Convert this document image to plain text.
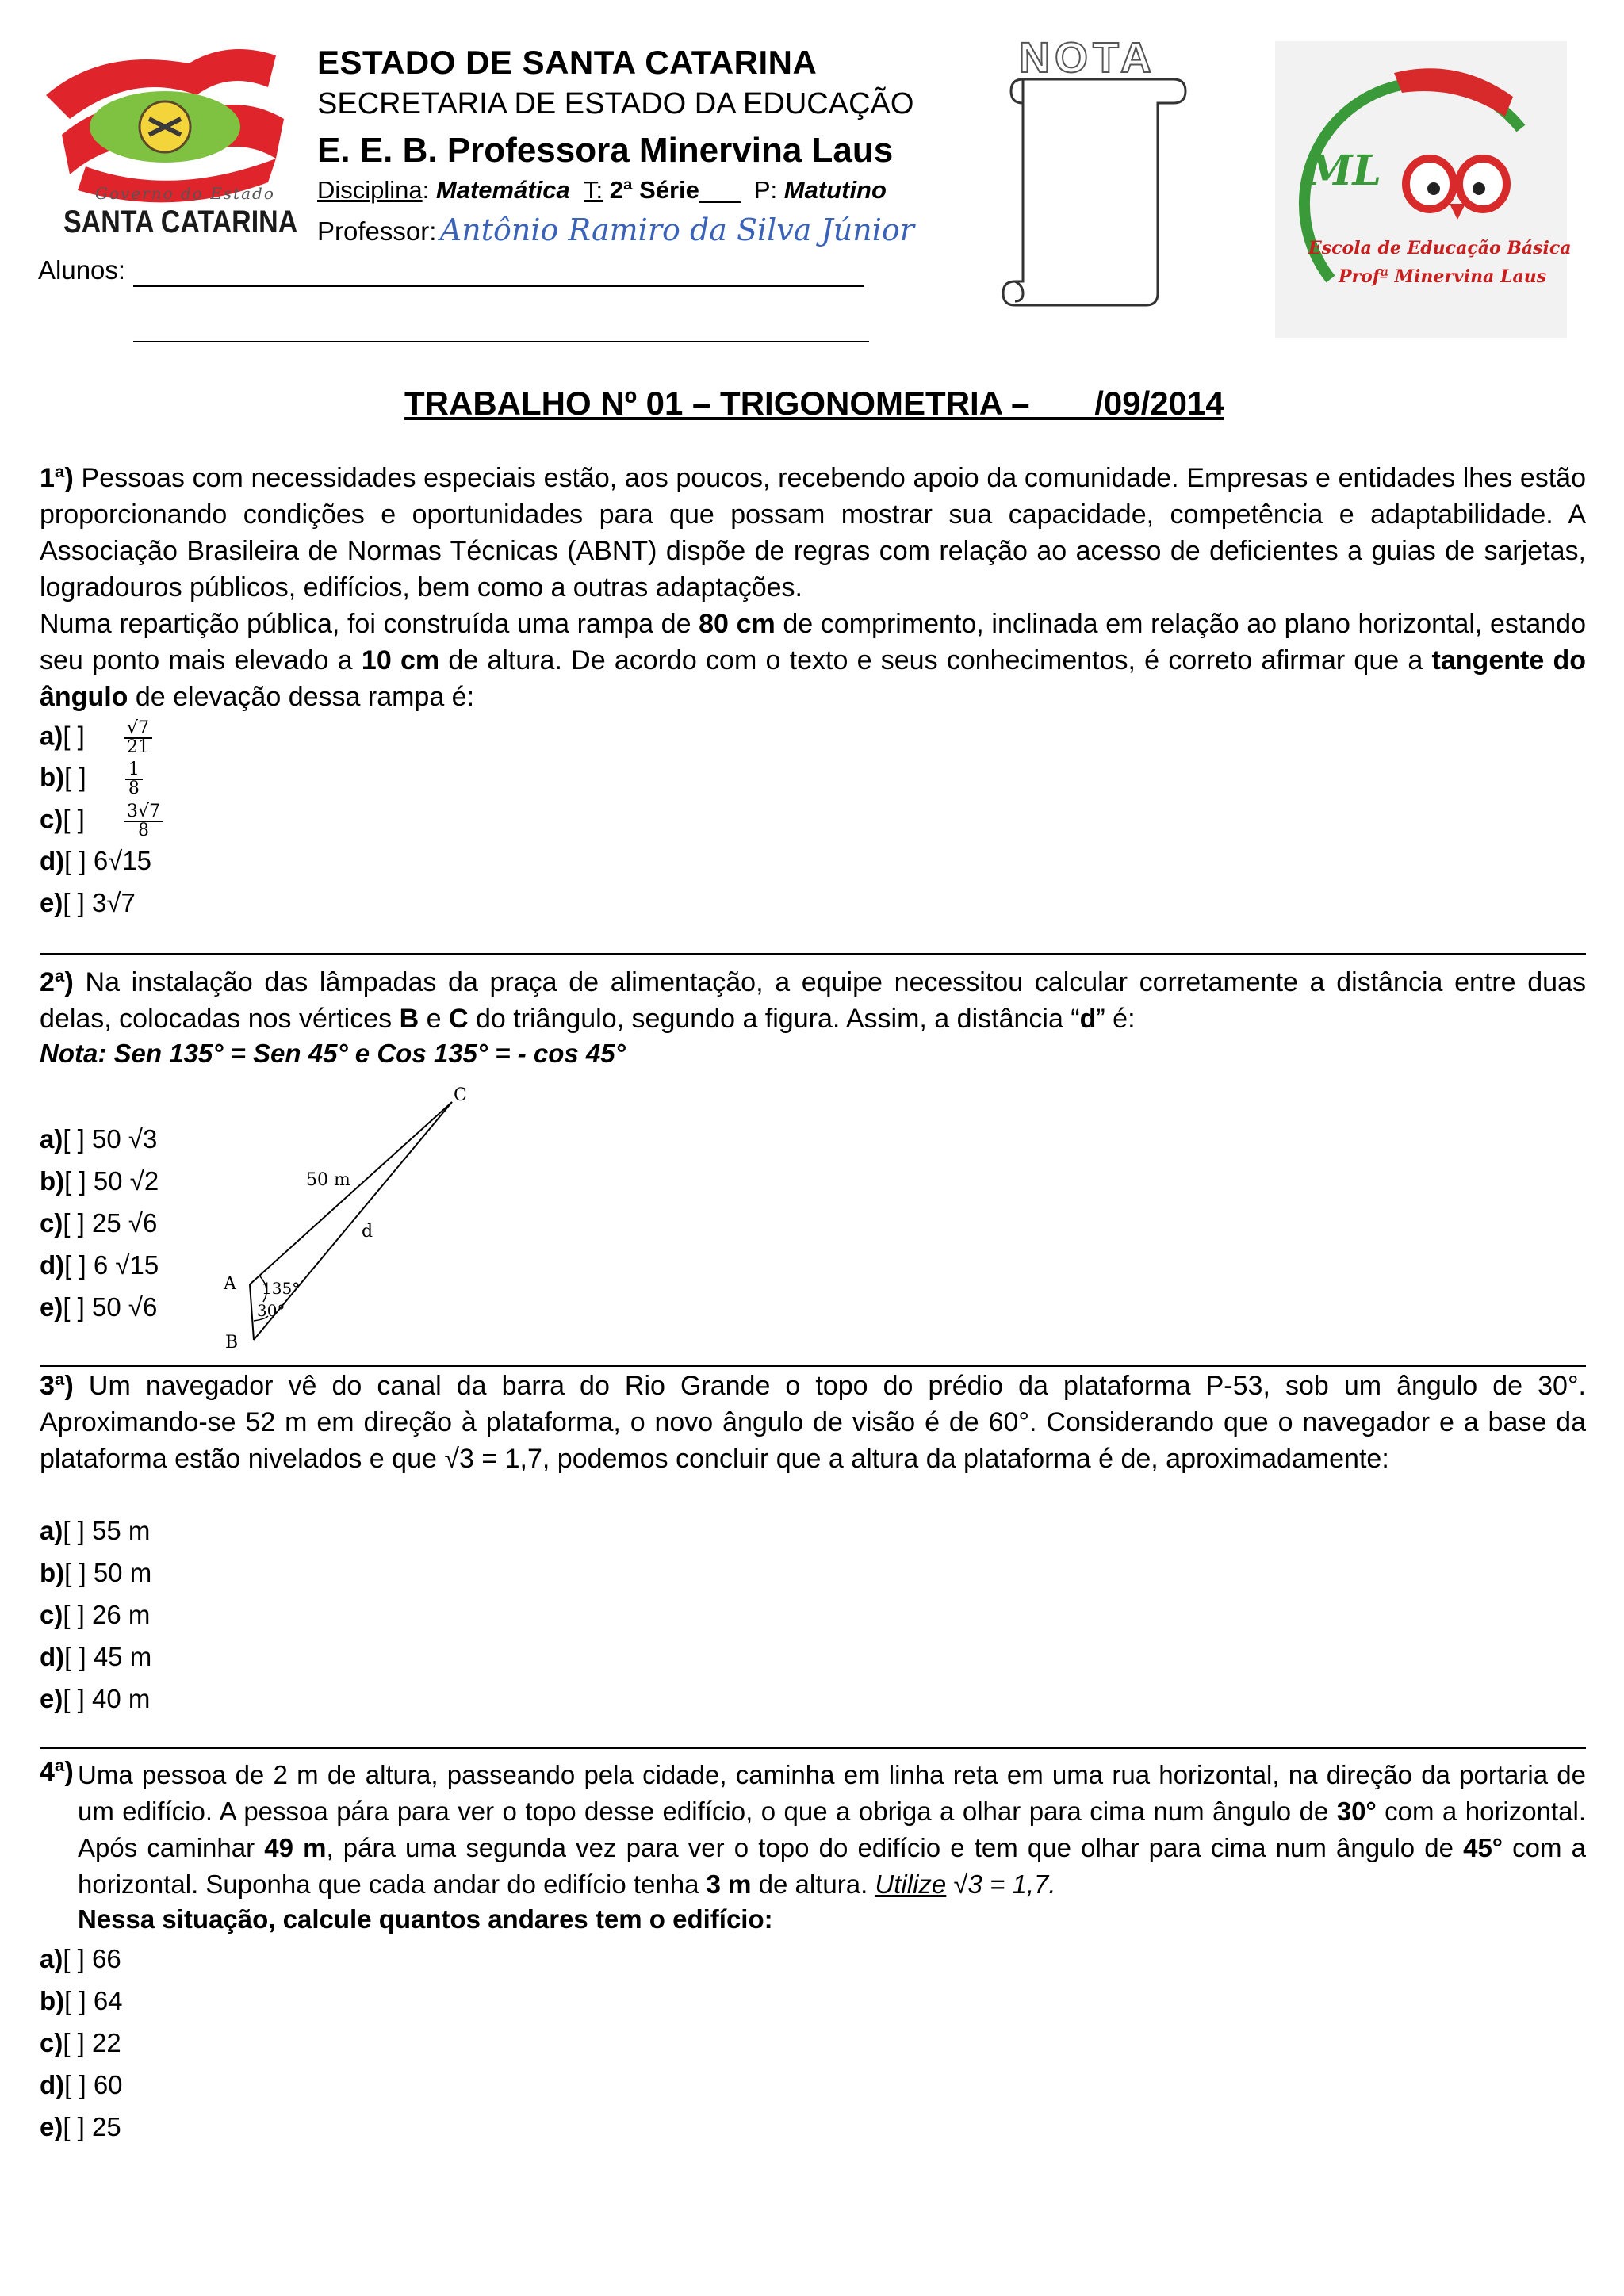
Governo do Estado
SANTA CATARINA
ESTADO DE SANTA CATARINA
SECRETARIA DE ESTADO DA EDUCAÇÃO
E. E. B. Professora Minervina Laus
Disciplina: Matemática T: 2ª Série___  P: Matutino
Professor: Antônio Ramiro da Silva Júnior
Alunos:
NOTA
ML
Escola de Educação Básica
Profª Minervina Laus
TRABALHO Nº 01 – TRIGONOMETRIA –       /09/2014
1ª) Pessoas com necessidades especiais estão, aos poucos, recebendo apoio da comunidade. Empresas e entidades lhes estão proporcionando condições e oportunidades para que possam mostrar sua capacidade, competência e adaptabilidade. A Associação Brasileira de Normas Técnicas (ABNT) dispõe de regras com relação ao acesso de deficientes a guias de sarjetas, logradouros públicos, edifícios, bem como a outras adaptações.
Numa repartição pública, foi construída uma rampa de 80 cm de comprimento, inclinada em relação ao plano horizontal, estando seu ponto mais elevado a 10 cm de altura. De acordo com o texto e seus conhecimentos, é correto afirmar que a tangente do ângulo de elevação dessa rampa é:
a)[ ] $\frac{√7}{21}$
b)[ ] $\frac{1}{8}$
c)[ ] $\frac{3√7}{8}$
d)[ ] 6√15
e)[ ] 3√7
2ª) Na instalação das lâmpadas da praça de alimentação, a equipe necessitou calcular corretamente a distância entre duas delas, colocadas nos vértices B e C do triângulo, segundo a figura. Assim, a distância “d” é:
Nota: Sen 135° = Sen 45° e Cos 135° = - cos 45°
a)[ ] 50 √3
b)[ ] 50 √2
c)[ ] 25 √6
d)[ ] 6 √15
e)[ ] 50 √6
C
A
B
50 m
d
135°
30°
3ª) Um navegador vê do canal da barra do Rio Grande o topo do prédio da plataforma P-53, sob um ângulo de 30°. Aproximando-se 52 m em direção à plataforma, o novo ângulo de visão é de 60°. Considerando que o navegador e a base da plataforma estão nivelados e que √3 = 1,7, podemos concluir que a altura da plataforma é de, aproximadamente:
a)[ ] 55 m
b)[ ] 50 m
c)[ ] 26 m
d)[ ] 45 m
e)[ ] 40 m
4ª) Uma pessoa de 2 m de altura, passeando pela cidade, caminha em linha reta em uma rua horizontal, na direção da portaria de um edifício. A pessoa pára para ver o topo desse edifício, o que a obriga a olhar para cima num ângulo de 30° com a horizontal. Após caminhar 49 m, pára uma segunda vez para ver o topo do edifício e tem que olhar para cima num ângulo de 45° com a horizontal. Suponha que cada andar do edifício tenha 3 m de altura. Utilize √3 = 1,7.
Nessa situação, calcule quantos andares tem o edifício:
a)[ ] 66
b)[ ] 64
c)[ ] 22
d)[ ] 60
e)[ ] 25
